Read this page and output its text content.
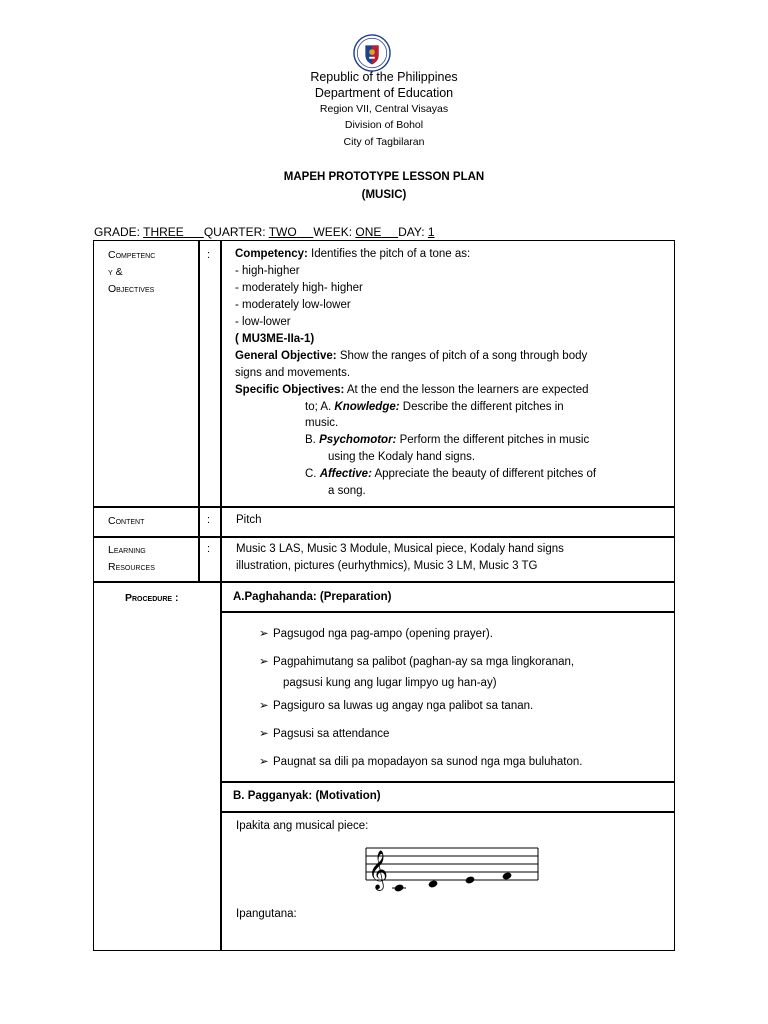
Republic of the Philippines
Department of Education
Region VII, Central Visayas
Division of Bohol
City of Tagbilaran
MAPEH PROTOTYPE LESSON PLAN
(MUSIC)
GRADE: THREE QUARTER: TWO WEEK: ONE DAY: 1
Competenc
y &
Objectives
: Competency: Identifies the pitch of a tone as:
- high-higher
- moderately high- higher
- moderately low-lower
- low-lower
( MU3ME-IIa-1)
General Objective: Show the ranges of pitch of a song through body
signs and movements.
Specific Objectives: At the end the lesson the learners are expected
to; A. Knowledge: Describe the different pitches in
music.
B. Psychomotor: Perform the different pitches in music
using the Kodaly hand signs.
C. Affective: Appreciate the beauty of different pitches of
a song.
Content	: Pitch
Learning
Resources
: Music 3 LAS, Music 3 Module, Musical piece, Kodaly hand signs
illustration, pictures (eurhythmics), Music 3 LM, Music 3 TG
Procedure :	A.Paghahanda: (Preparation)
➢ Pagsugod nga pag-ampo (opening prayer).
➢ Pagpahimutang sa palibot (paghan-ay sa mga lingkoranan,
pagsusi kung ang lugar limpyo ug han-ay)
➢ Pagsiguro sa luwas ug angay nga palibot sa tanan.
➢ Pagsusi sa attendance
➢ Paugnat sa dili pa mopadayon sa sunod nga mga buluhaton.
B. Pagganyak: (Motivation)
Ipakita ang musical piece:
𝄞
Ipangutana:
